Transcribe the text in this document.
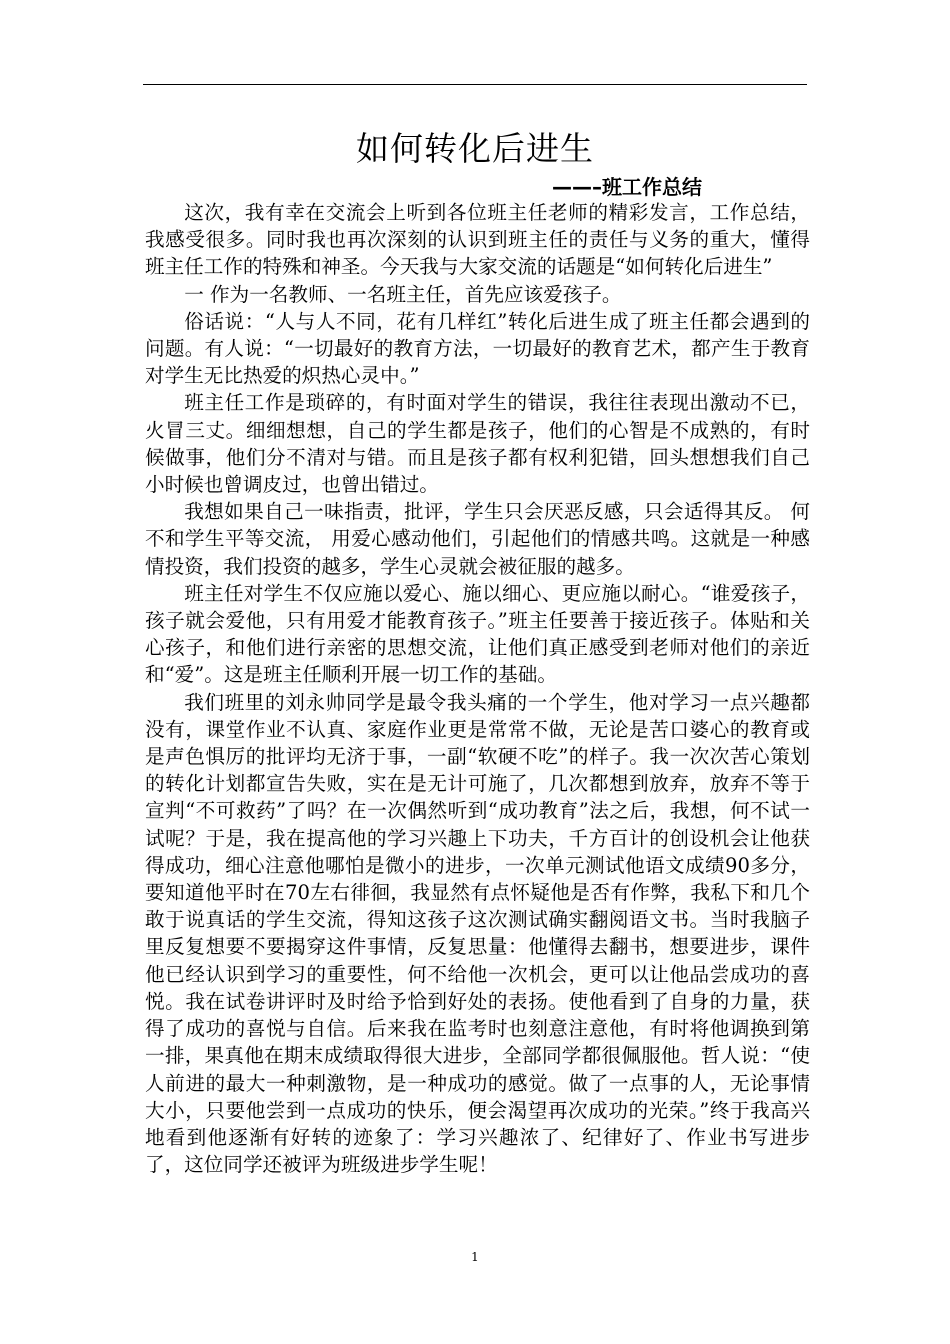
如何转化后进生
——–班工作总结

这次，我有幸在交流会上听到各位班主任老师的精彩发言，工作总结，我感受很多。同时我也再次深刻的认识到班主任的责任与义务的重大，懂得班主任工作的特殊和神圣。今天我与大家交流的话题是“如何转化后进生”

一 作为一名教师、一名班主任，首先应该爱孩子。

俗话说：“人与人不同，花有几样红”转化后进生成了班主任都会遇到的问题。有人说：“一切最好的教育方法，一切最好的教育艺术，都产生于教育对学生无比热爱的炽热心灵中。”

班主任工作是琐碎的，有时面对学生的错误，我往往表现出激动不已，火冒三丈。细细想想，自己的学生都是孩子，他们的心智是不成熟的，有时候做事，他们分不清对与错。而且是孩子都有权利犯错，回头想想我们自己小时候也曾调皮过，也曾出错过。

我想如果自己一味指责，批评，学生只会厌恶反感，只会适得其反。 何不和学生平等交流， 用爱心感动他们，引起他们的情感共鸣。这就是一种感情投资，我们投资的越多，学生心灵就会被征服的越多。

班主任对学生不仅应施以爱心、施以细心、更应施以耐心。“谁爱孩子，孩子就会爱他，只有用爱才能教育孩子。”班主任要善于接近孩子。体贴和关心孩子，和他们进行亲密的思想交流，让他们真正感受到老师对他们的亲近和“爱”。这是班主任顺利开展一切工作的基础。

我们班里的刘永帅同学是最令我头痛的一个学生，他对学习一点兴趣都没有，课堂作业不认真、家庭作业更是常常不做，无论是苦口婆心的教育或是声色惧厉的批评均无济于事，一副“软硬不吃”的样子。我一次次苦心策划的转化计划都宣告失败，实在是无计可施了，几次都想到放弃，放弃不等于宣判“不可救药”了吗？在一次偶然听到“成功教育”法之后，我想，何不试一试呢？于是，我在提高他的学习兴趣上下功夫，千方百计的创设机会让他获得成功，细心注意他哪怕是微小的进步，一次单元测试他语文成绩90多分，要知道他平时在70左右徘徊，我显然有点怀疑他是否有作弊，我私下和几个敢于说真话的学生交流，得知这孩子这次测试确实翻阅语文书。当时我脑子里反复想要不要揭穿这件事情，反复思量：他懂得去翻书，想要进步，课件他已经认识到学习的重要性，何不给他一次机会，更可以让他品尝成功的喜悦。我在试卷讲评时及时给予恰到好处的表扬。使他看到了自身的力量，获得了成功的喜悦与自信。后来我在监考时也刻意注意他，有时将他调换到第一排，果真他在期末成绩取得很大进步，全部同学都很佩服他。哲人说：“使人前进的最大一种刺激物，是一种成功的感觉。做了一点事的人，无论事情大小，只要他尝到一点成功的快乐，便会渴望再次成功的光荣。”终于我高兴地看到他逐渐有好转的迹象了：学习兴趣浓了、纪律好了、作业书写进步了，这位同学还被评为班级进步学生呢！

1
